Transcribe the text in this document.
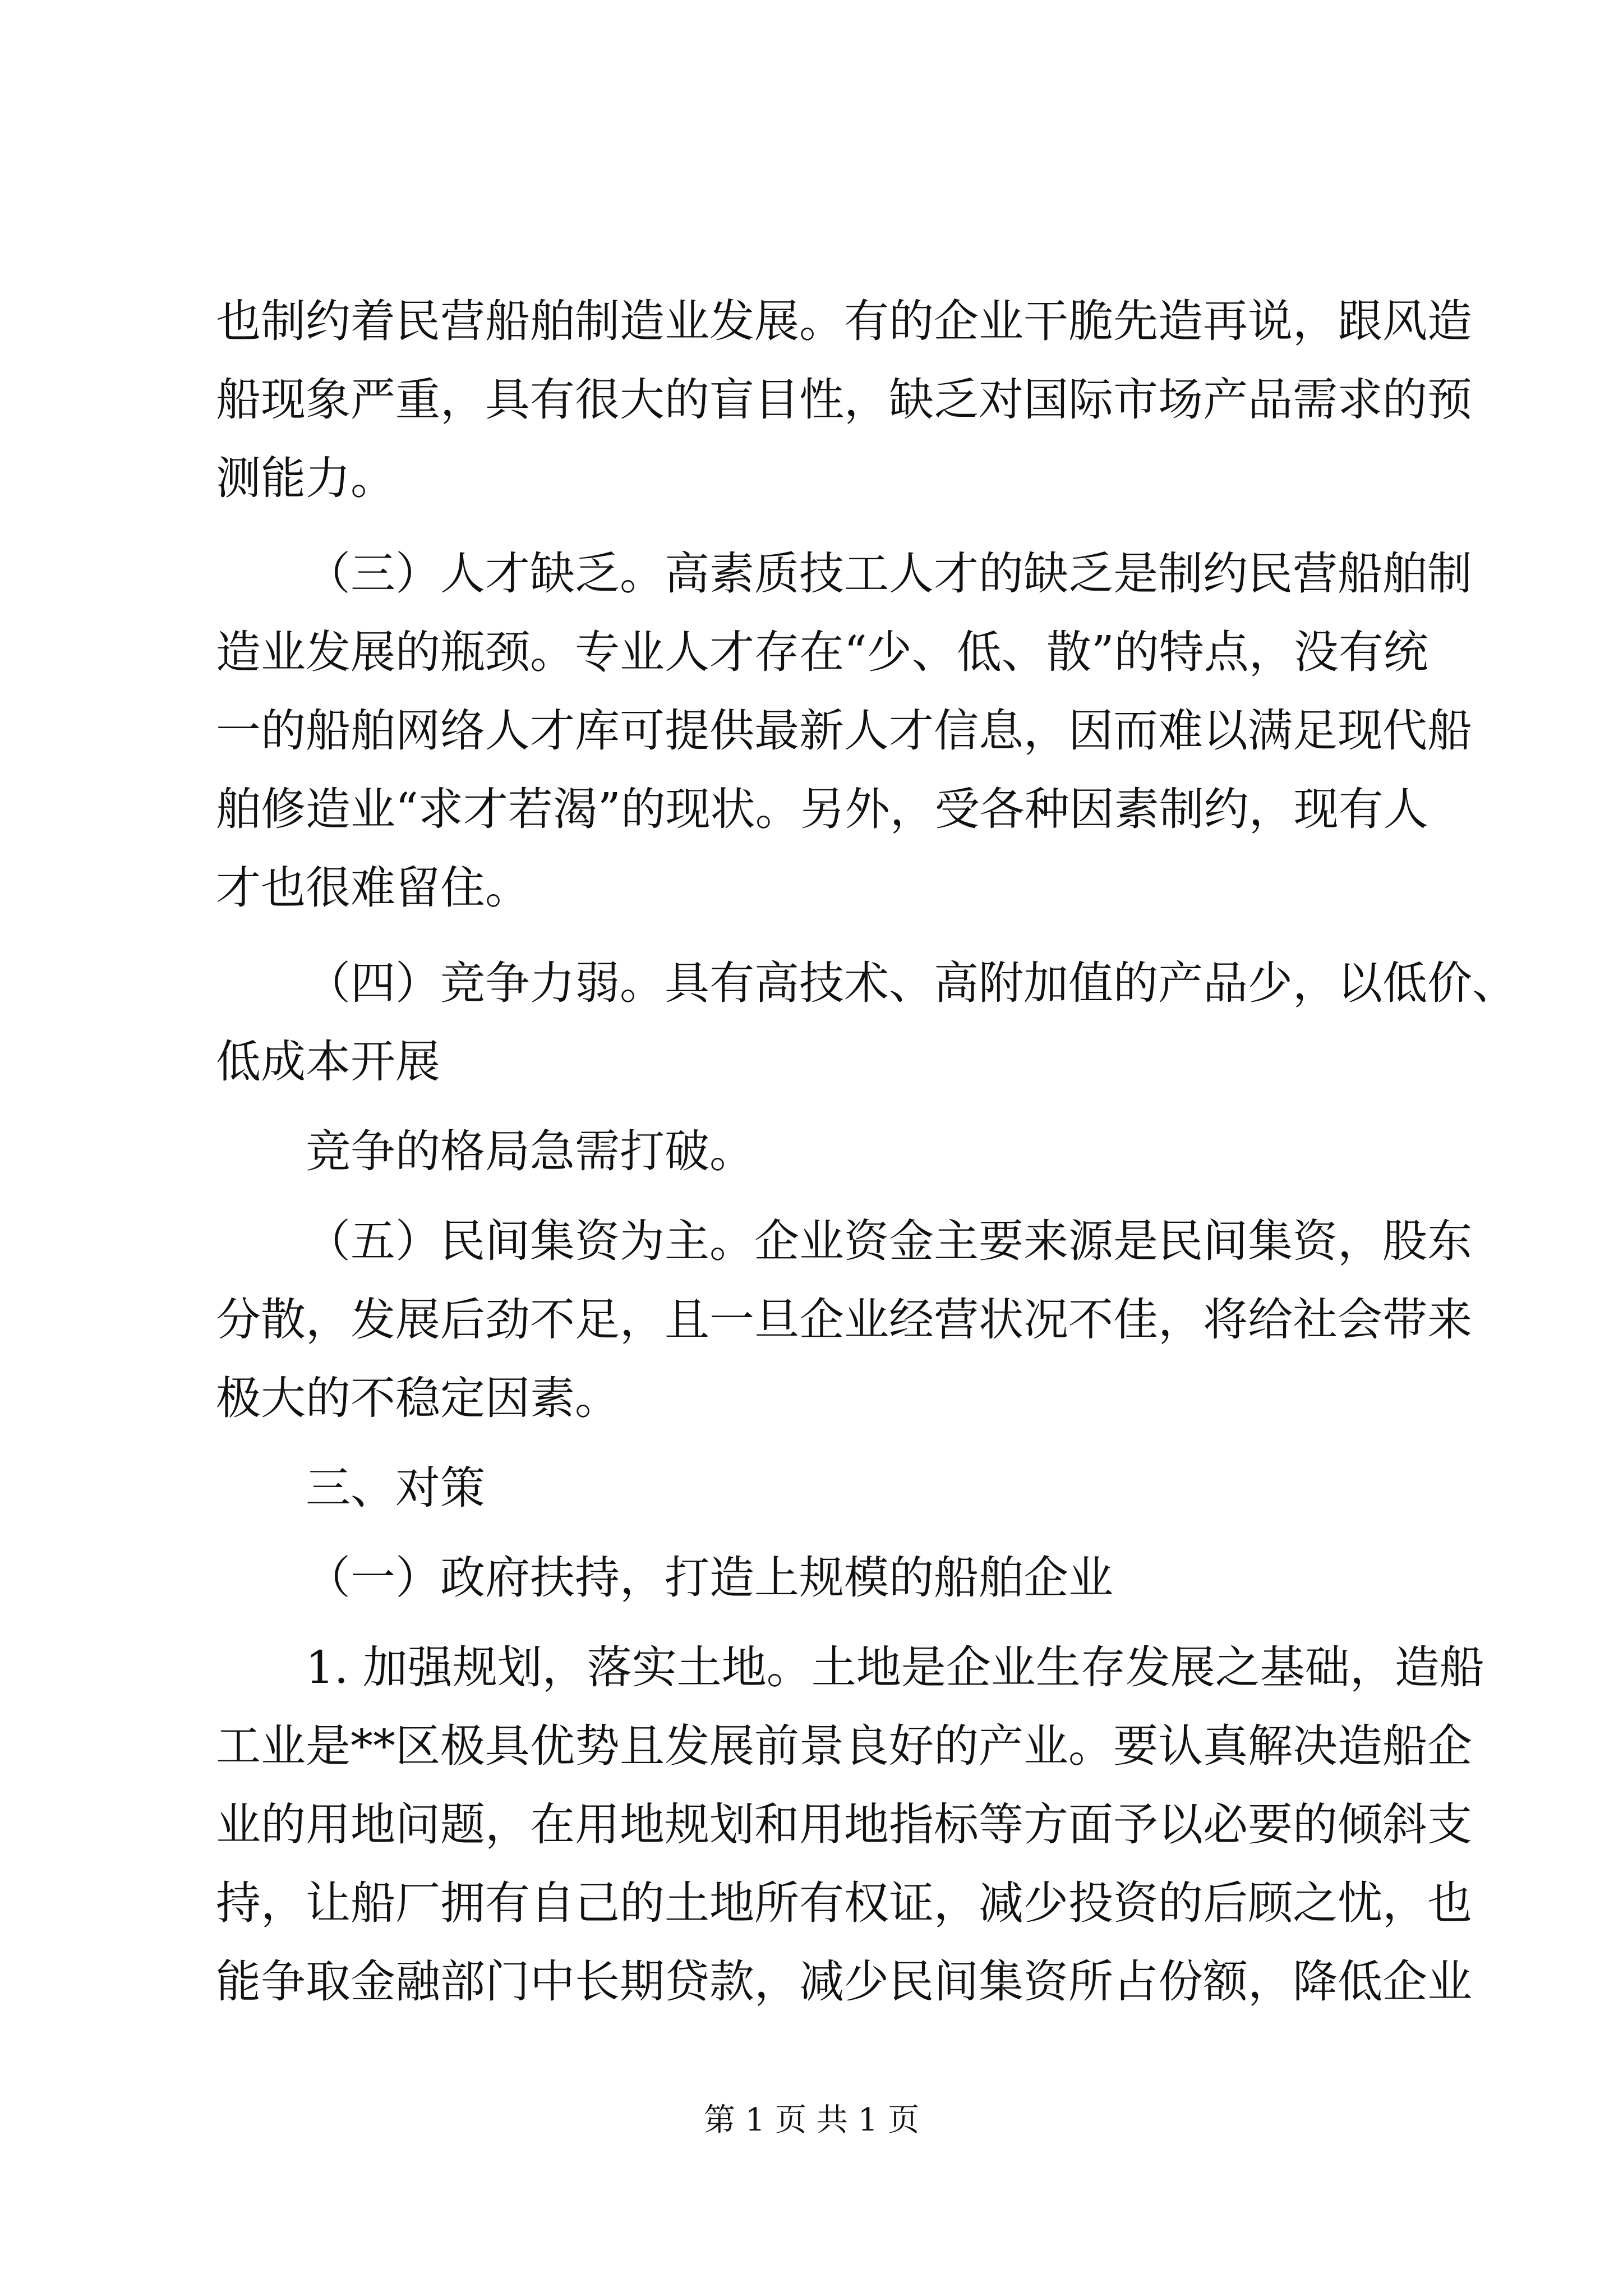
也制约着民营船舶制造业发展。有的企业干脆先造再说，跟风造
船现象严重，具有很大的盲目性，缺乏对国际市场产品需求的预
测能力。
（三）人才缺乏。高素质技工人才的缺乏是制约民营船舶制
造业发展的瓶颈。专业人才存在“少、低、散”的特点，没有统
一的船舶网络人才库可提供最新人才信息，因而难以满足现代船
舶修造业“求才若渴”的现状。另外，受各种因素制约，现有人
才也很难留住。
（四）竞争力弱。具有高技术、高附加值的产品少，以低价、
低成本开展
竞争的格局急需打破。
（五）民间集资为主。企业资金主要来源是民间集资，股东
分散，发展后劲不足，且一旦企业经营状况不佳，将给社会带来
极大的不稳定因素。
三、对策
（一）政府扶持，打造上规模的船舶企业
1. 加强规划，落实土地。土地是企业生存发展之基础，造船
工业是**区极具优势且发展前景良好的产业。要认真解决造船企
业的用地问题，在用地规划和用地指标等方面予以必要的倾斜支
持，让船厂拥有自己的土地所有权证，减少投资的后顾之忧，也
能争取金融部门中长期贷款，减少民间集资所占份额，降低企业
第 1 页 共 1 页
